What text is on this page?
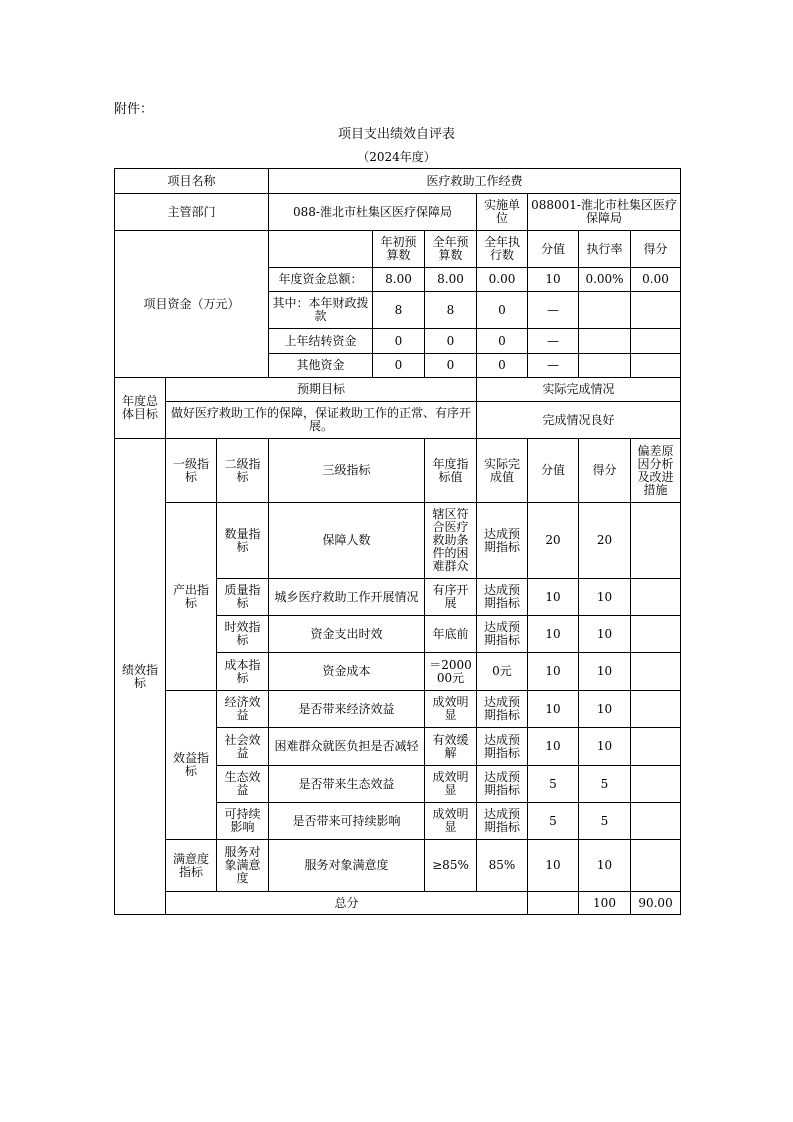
附件：
项目支出绩效自评表
（2024年度）
项目名称			医疗救助工作经费							
主管部门			088-淮北市杜集区医疗保障局			实施单位	088001-淮北市杜集区医疗保障局			
项目资金（万元）				年初预算数	全年预算数	全年执行数	分值	执行率	得分	
			年度资金总额：	8.00	8.00	0.00	10	0.00%	0.00	
			其中：本年财政拨款	8	8	0	—			
			上年结转资金	0	0	0	—			
			其他资金	0	0	0	—			
年度总体目标	预期目标					实际完成情况				
	做好医疗救助工作的保障，保证救助工作的正常、有序开展。					完成情况良好				
绩效指标	一级指标	二级指标	三级指标		年度指标值	实际完成值	分值	得分	偏差原因分析及改进措施	
	产出指标	数量指标	保障人数		辖区符合医疗救助条件的困难群众	达成预期指标	20	20		
		质量指标	城乡医疗救助工作开展情况		有序开展	达成预期指标	10	10		
		时效指标	资金支出时效		年底前	达成预期指标	10	10		
		成本指标	资金成本		＝200000元	0元	10	10		
	效益指标	经济效益	是否带来经济效益		成效明显	达成预期指标	10	10		
		社会效益	困难群众就医负担是否减轻		有效缓解	达成预期指标	10	10		
		生态效益	是否带来生态效益		成效明显	达成预期指标	5	5		
		可持续影响	是否带来可持续影响		成效明显	达成预期指标	5	5		
	满意度指标	服务对象满意度	服务对象满意度		≥85%	85%	10	10		
	总分							100	90.00	
